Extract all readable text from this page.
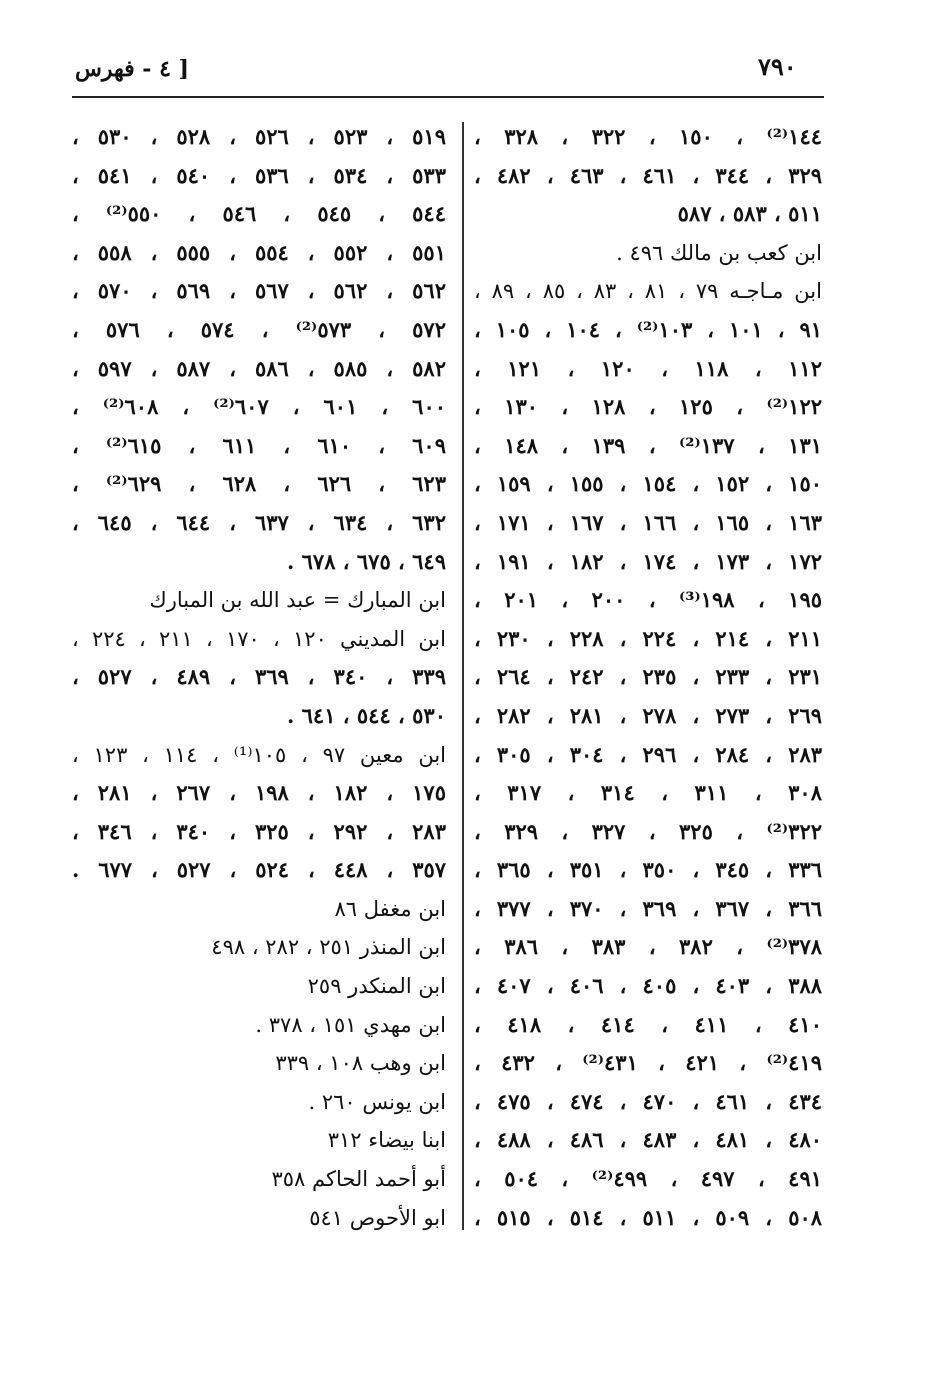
٧٩٠
[ ٤ - فهرس
١٤٤⁽²⁾ ، ١٥٠ ، ٣٢٢ ، ٣٢٨ ،
٣٢٩ ، ٣٤٤ ، ٤٦١ ، ٤٦٣ ، ٤٨٢ ،
٥١١ ، ٥٨٣ ، ٥٨٧
ابن كعب بن مالك ٤٩٦ .
ابن مـاجـه ٧٩ ، ٨١ ، ٨٣ ، ٨٥ ، ٨٩ ،
٩١ ، ١٠١ ، ١٠٣⁽²⁾ ، ١٠٤ ، ١٠٥ ،
١١٢ ، ١١٨ ، ١٢٠ ، ١٢١ ،
١٢٢⁽²⁾ ، ١٢٥ ، ١٢٨ ، ١٣٠ ،
١٣١ ، ١٣٧⁽²⁾ ، ١٣٩ ، ١٤٨ ،
١٥٠ ، ١٥٢ ، ١٥٤ ، ١٥٥ ، ١٥٩ ،
١٦٣ ، ١٦٥ ، ١٦٦ ، ١٦٧ ، ١٧١ ،
١٧٢ ، ١٧٣ ، ١٧٤ ، ١٨٢ ، ١٩١ ،
١٩٥ ، ١٩٨⁽³⁾ ، ٢٠٠ ، ٢٠١ ،
٢١١ ، ٢١٤ ، ٢٢٤ ، ٢٢٨ ، ٢٣٠ ،
٢٣١ ، ٢٣٣ ، ٢٣٥ ، ٢٤٢ ، ٢٦٤ ،
٢٦٩ ، ٢٧٣ ، ٢٧٨ ، ٢٨١ ، ٢٨٢ ،
٢٨٣ ، ٢٨٤ ، ٢٩٦ ، ٣٠٤ ، ٣٠٥ ،
٣٠٨ ، ٣١١ ، ٣١٤ ، ٣١٧ ،
٣٢٢⁽²⁾ ، ٣٢٥ ، ٣٢٧ ، ٣٢٩ ،
٣٣٦ ، ٣٤٥ ، ٣٥٠ ، ٣٥١ ، ٣٦٥ ،
٣٦٦ ، ٣٦٧ ، ٣٦٩ ، ٣٧٠ ، ٣٧٧ ،
٣٧٨⁽²⁾ ، ٣٨٢ ، ٣٨٣ ، ٣٨٦ ،
٣٨٨ ، ٤٠٣ ، ٤٠٥ ، ٤٠٦ ، ٤٠٧ ،
٤١٠ ، ٤١١ ، ٤١٤ ، ٤١٨ ،
٤١٩⁽²⁾ ، ٤٢١ ، ٤٣١⁽²⁾ ، ٤٣٢ ،
٤٣٤ ، ٤٦١ ، ٤٧٠ ، ٤٧٤ ، ٤٧٥ ،
٤٨٠ ، ٤٨١ ، ٤٨٣ ، ٤٨٦ ، ٤٨٨ ،
٤٩١ ، ٤٩٧ ، ٤٩٩⁽²⁾ ، ٥٠٤ ،
٥٠٨ ، ٥٠٩ ، ٥١١ ، ٥١٤ ، ٥١٥ ،
٥١٩ ، ٥٢٣ ، ٥٢٦ ، ٥٢٨ ، ٥٣٠ ،
٥٣٣ ، ٥٣٤ ، ٥٣٦ ، ٥٤٠ ، ٥٤١ ،
٥٤٤ ، ٥٤٥ ، ٥٤٦ ، ٥٥٠⁽²⁾ ،
٥٥١ ، ٥٥٢ ، ٥٥٤ ، ٥٥٥ ، ٥٥٨ ،
٥٦٢ ، ٥٦٢ ، ٥٦٧ ، ٥٦٩ ، ٥٧٠ ،
٥٧٢ ، ٥٧٣⁽²⁾ ، ٥٧٤ ، ٥٧٦ ،
٥٨٢ ، ٥٨٥ ، ٥٨٦ ، ٥٨٧ ، ٥٩٧ ،
٦٠٠ ، ٦٠١ ، ٦٠٧⁽²⁾ ، ٦٠٨⁽²⁾ ،
٦٠٩ ، ٦١٠ ، ٦١١ ، ٦١٥⁽²⁾ ،
٦٢٣ ، ٦٢٦ ، ٦٢٨ ، ٦٢٩⁽²⁾ ،
٦٣٢ ، ٦٣٤ ، ٦٣٧ ، ٦٤٤ ، ٦٤٥ ،
٦٤٩ ، ٦٧٥ ، ٦٧٨ .
ابن المبارك = عبد الله بن المبارك
ابن المديني ١٢٠ ، ١٧٠ ، ٢١١ ، ٢٢٤ ،
٣٣٩ ، ٣٤٠ ، ٣٦٩ ، ٤٨٩ ، ٥٢٧ ،
٥٣٠ ، ٥٤٤ ، ٦٤١ .
ابن معين ٩٧ ، ١٠٥⁽¹⁾ ، ١١٤ ، ١٢٣ ،
١٧٥ ، ١٨٢ ، ١٩٨ ، ٢٦٧ ، ٢٨١ ،
٢٨٣ ، ٢٩٢ ، ٣٢٥ ، ٣٤٠ ، ٣٤٦ ،
٣٥٧ ، ٤٤٨ ، ٥٢٤ ، ٥٢٧ ، ٦٧٧ .
ابن مغفل ٨٦
ابن المنذر ٢٥١ ، ٢٨٢ ، ٤٩٨
ابن المنكدر ٢٥٩
ابن مهدي ١٥١ ، ٣٧٨ .
ابن وهب ١٠٨ ، ٣٣٩
ابن يونس ٢٦٠ .
ابنا بيضاء ٣١٢
أبو أحمد الحاكم ٣٥٨
ابو الأحوص ٥٤١
